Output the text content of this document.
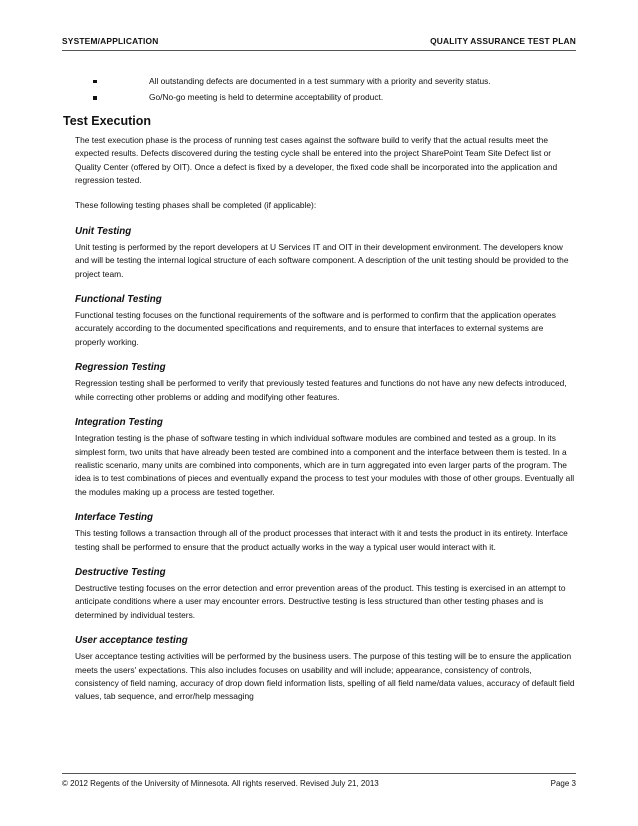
SYSTEM/APPLICATION	QUALITY ASSURANCE TEST PLAN
All outstanding defects are documented in a test summary with a priority and severity status.
Go/No-go meeting is held to determine acceptability of product.
Test Execution

The test execution phase is the process of running test cases against the software build to verify that the actual results meet the expected results. Defects discovered during the testing cycle shall be entered into the project SharePoint Team Site Defect list or Quality Center (offered by OIT). Once a defect is fixed by a developer, the fixed code shall be incorporated into the application and regression tested.

These following testing phases shall be completed (if applicable):

Unit Testing

Unit testing is performed by the report developers at U Services IT and OIT in their development environment. The developers know and will be testing the internal logical structure of each software component. A description of the unit testing should be provided to the project team.

Functional Testing

Functional testing focuses on the functional requirements of the software and is performed to confirm that the application operates accurately according to the documented specifications and requirements, and to ensure that interfaces to external systems are properly working.

Regression Testing

Regression testing shall be performed to verify that previously tested features and functions do not have any new defects introduced, while correcting other problems or adding and modifying other features.

Integration Testing

Integration testing is the phase of software testing in which individual software modules are combined and tested as a group. In its simplest form, two units that have already been tested are combined into a component and the interface between them is tested. In a realistic scenario, many units are combined into components, which are in turn aggregated into even larger parts of the program. The idea is to test combinations of pieces and eventually expand the process to test your modules with those of other groups. Eventually all the modules making up a process are tested together.

Interface Testing

This testing follows a transaction through all of the product processes that interact with it and tests the product in its entirety. Interface testing shall be performed to ensure that the product actually works in the way a typical user would interact with it.

Destructive Testing

Destructive testing focuses on the error detection and error prevention areas of the product. This testing is exercised in an attempt to anticipate conditions where a user may encounter errors. Destructive testing is less structured than other testing phases and is determined by individual testers.

User acceptance testing

User acceptance testing activities will be performed by the business users. The purpose of this testing will be to ensure the application meets the users' expectations. This also includes focuses on usability and will include; appearance, consistency of controls, consistency of field naming, accuracy of drop down field information lists, spelling of all field name/data values, accuracy of default field values, tab sequence, and error/help messaging

© 2012 Regents of the University of Minnesota. All rights reserved. Revised July 21, 2013	Page 3
